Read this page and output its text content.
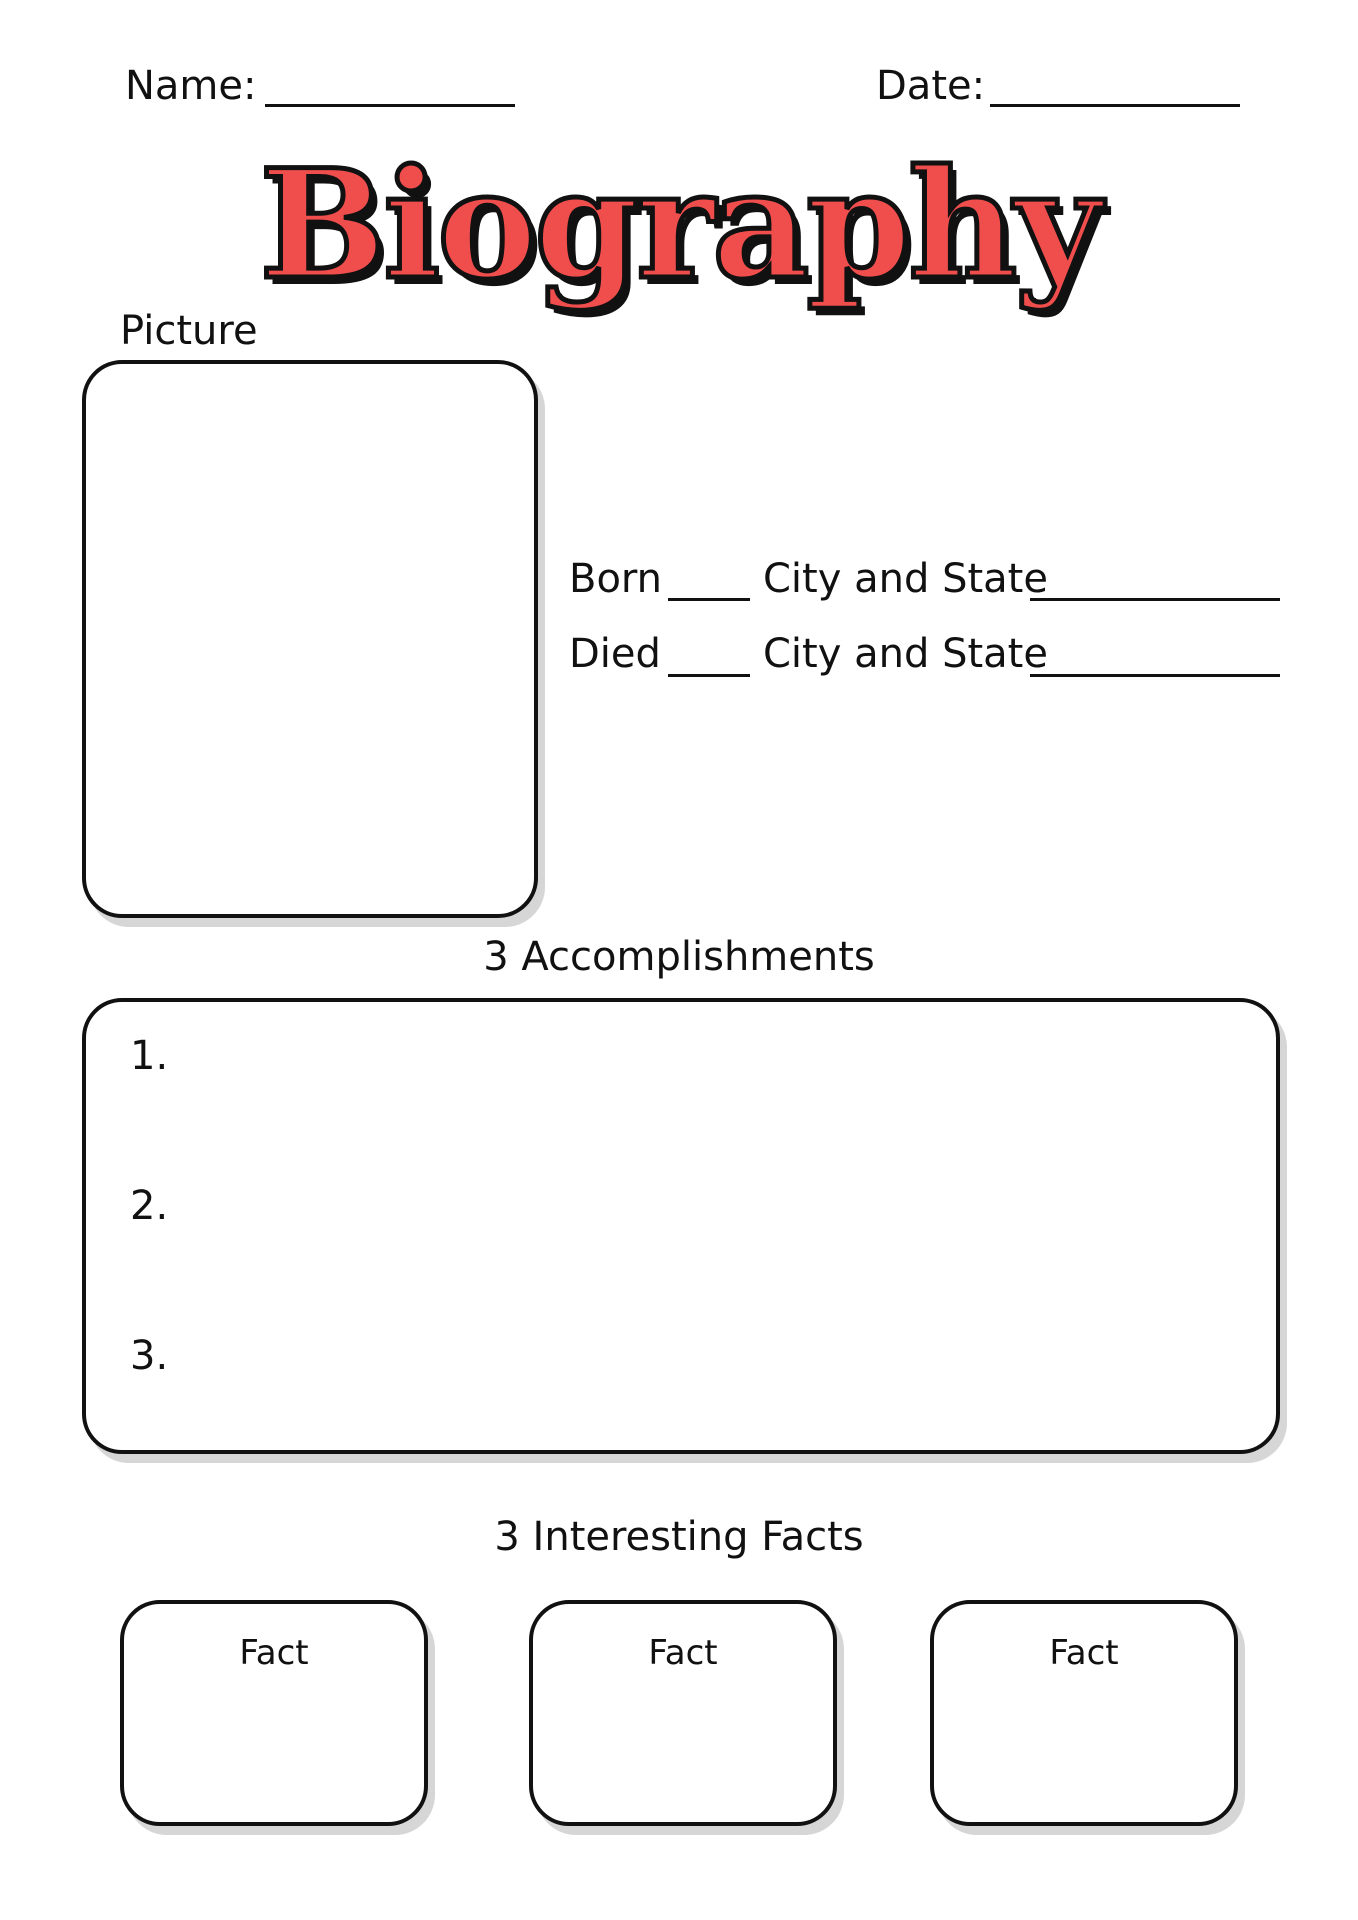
Name:	Date:
Biography
Picture
Born	City and State
Died	City and State
3 Accomplishments
1.
2.
3.
3 Interesting Facts
Fact	Fact	Fact
